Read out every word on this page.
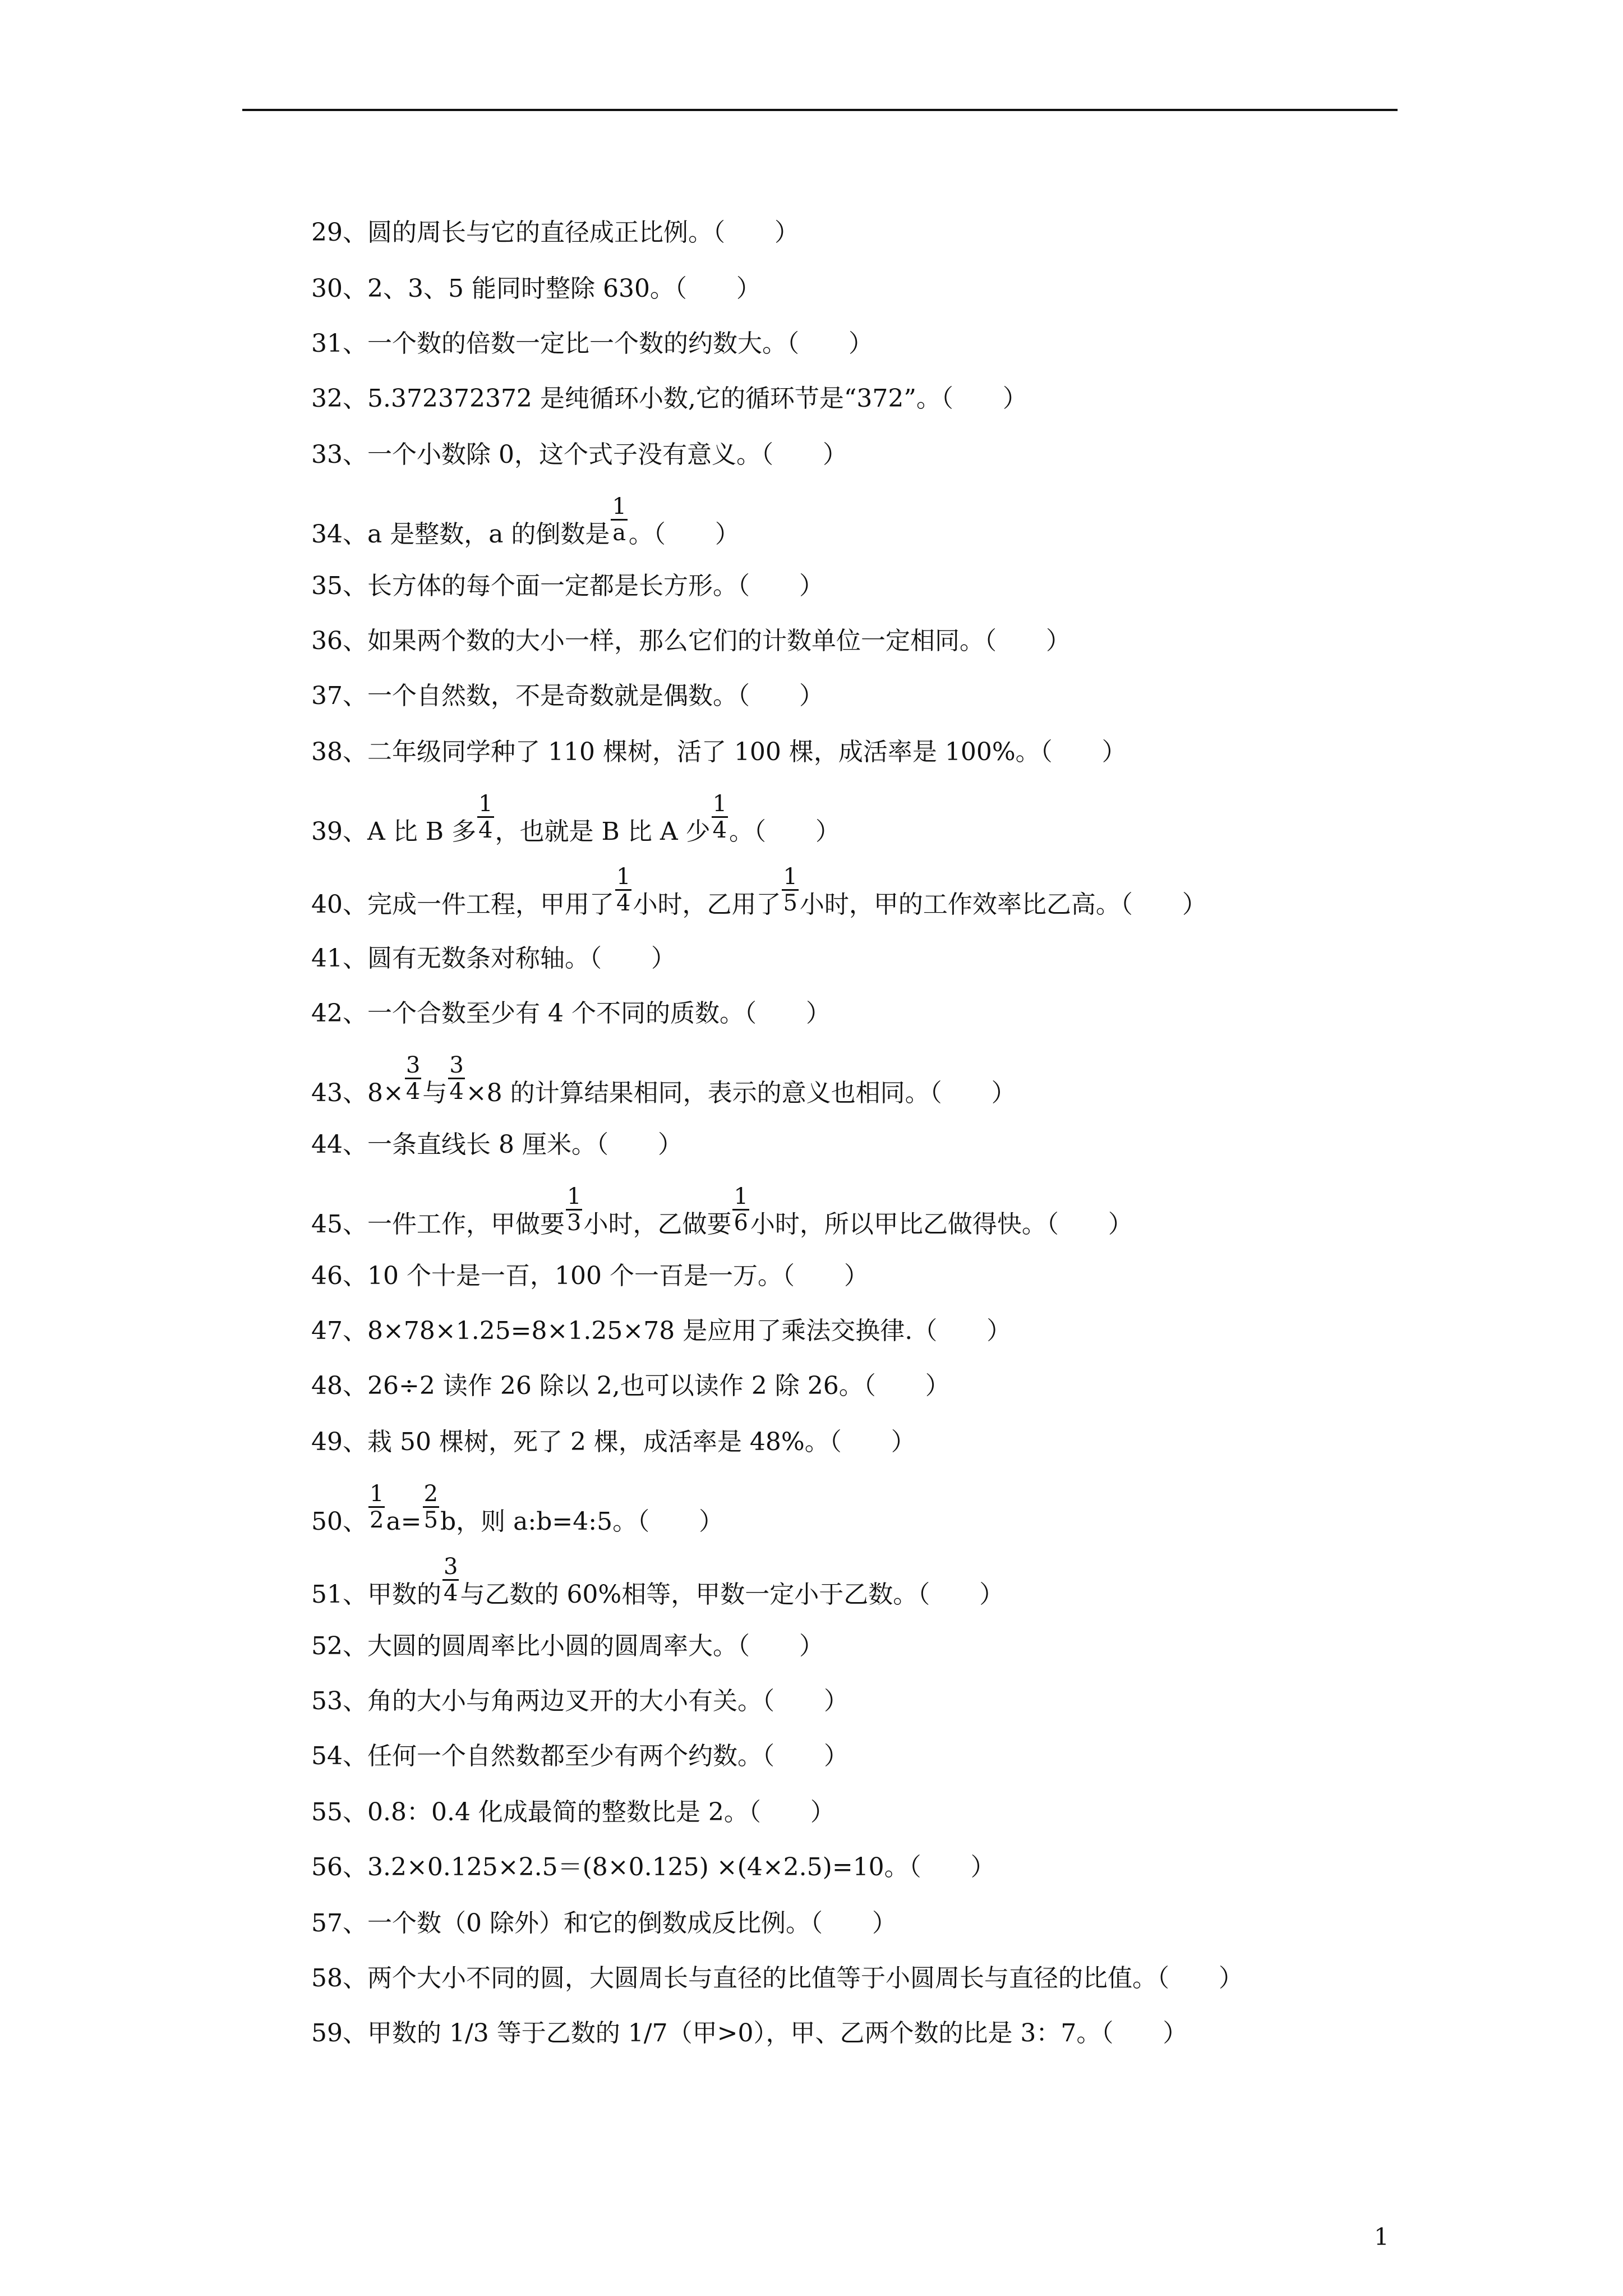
29、圆的周长与它的直径成正比例。（　　）
30、2、3、5 能同时整除 630。（　　）
31、一个数的倍数一定比一个数的约数大。（　　）
32、5.372372372 是纯循环小数,它的循环节是“372”。（　　）
33、一个小数除 0，这个式子没有意义。（　　）
34、a 是整数，a 的倒数是 $\frac{1}{a}$ 。（　　）
35、长方体的每个面一定都是长方形。（　　）
36、如果两个数的大小一样，那么它们的计数单位一定相同。（　　）
37、一个自然数，不是奇数就是偶数。（　　）
38、二年级同学种了 110 棵树，活了 100 棵，成活率是 100%。（　　）
39、A 比 B 多 $\frac{1}{4}$ ，也就是 B 比 A 少 $\frac{1}{4}$ 。（　　）
40、完成一件工程，甲用了 $\frac{1}{4}$ 小时，乙用了 $\frac{1}{5}$ 小时，甲的工作效率比乙高。（　　）
41、圆有无数条对称轴。（　　）
42、一个合数至少有 4 个不同的质数。（　　）
43、$8\times \frac{3}{4}$ 与 $\frac{3}{4} \times 8$ 的计算结果相同，表示的意义也相同。（　　）
44、一条直线长 8 厘米。（　　）
45、一件工作，甲做要 $\frac{1}{3}$ 小时，乙做要 $\frac{1}{6}$ 小时，所以甲比乙做得快。（　　）
46、10 个十是一百，100 个一百是一万。（　　）
47、8×78×1.25=8×1.25×78 是应用了乘法交换律.（　　）
48、26÷2 读作 26 除以 2,也可以读作 2 除 26。（　　）
49、栽 50 棵树，死了 2 棵，成活率是 48%。（　　）
50、 $\frac{1}{2} a= \frac{2}{5}$ b，则 a:b=4:5。（　　）
51、甲数的 $\frac{3}{4}$ 与乙数的 60%相等，甲数一定小于乙数。（　　）
52、大圆的圆周率比小圆的圆周率大。（　　）
53、角的大小与角两边叉开的大小有关。（　　）
54、任何一个自然数都至少有两个约数。（　　）
55、0.8：0.4 化成最简的整数比是 2。（　　）
56、3.2×0.125×2.5＝(8×0.125) ×(4×2.5)=10。（　　）
57、一个数（0 除外）和它的倒数成反比例。（　　）
58、两个大小不同的圆，大圆周长与直径的比值等于小圆周长与直径的比值。（　　）
59、甲数的 1/3 等于乙数的 1/7（甲>0），甲、乙两个数的比是 3：7。（　　）
1
